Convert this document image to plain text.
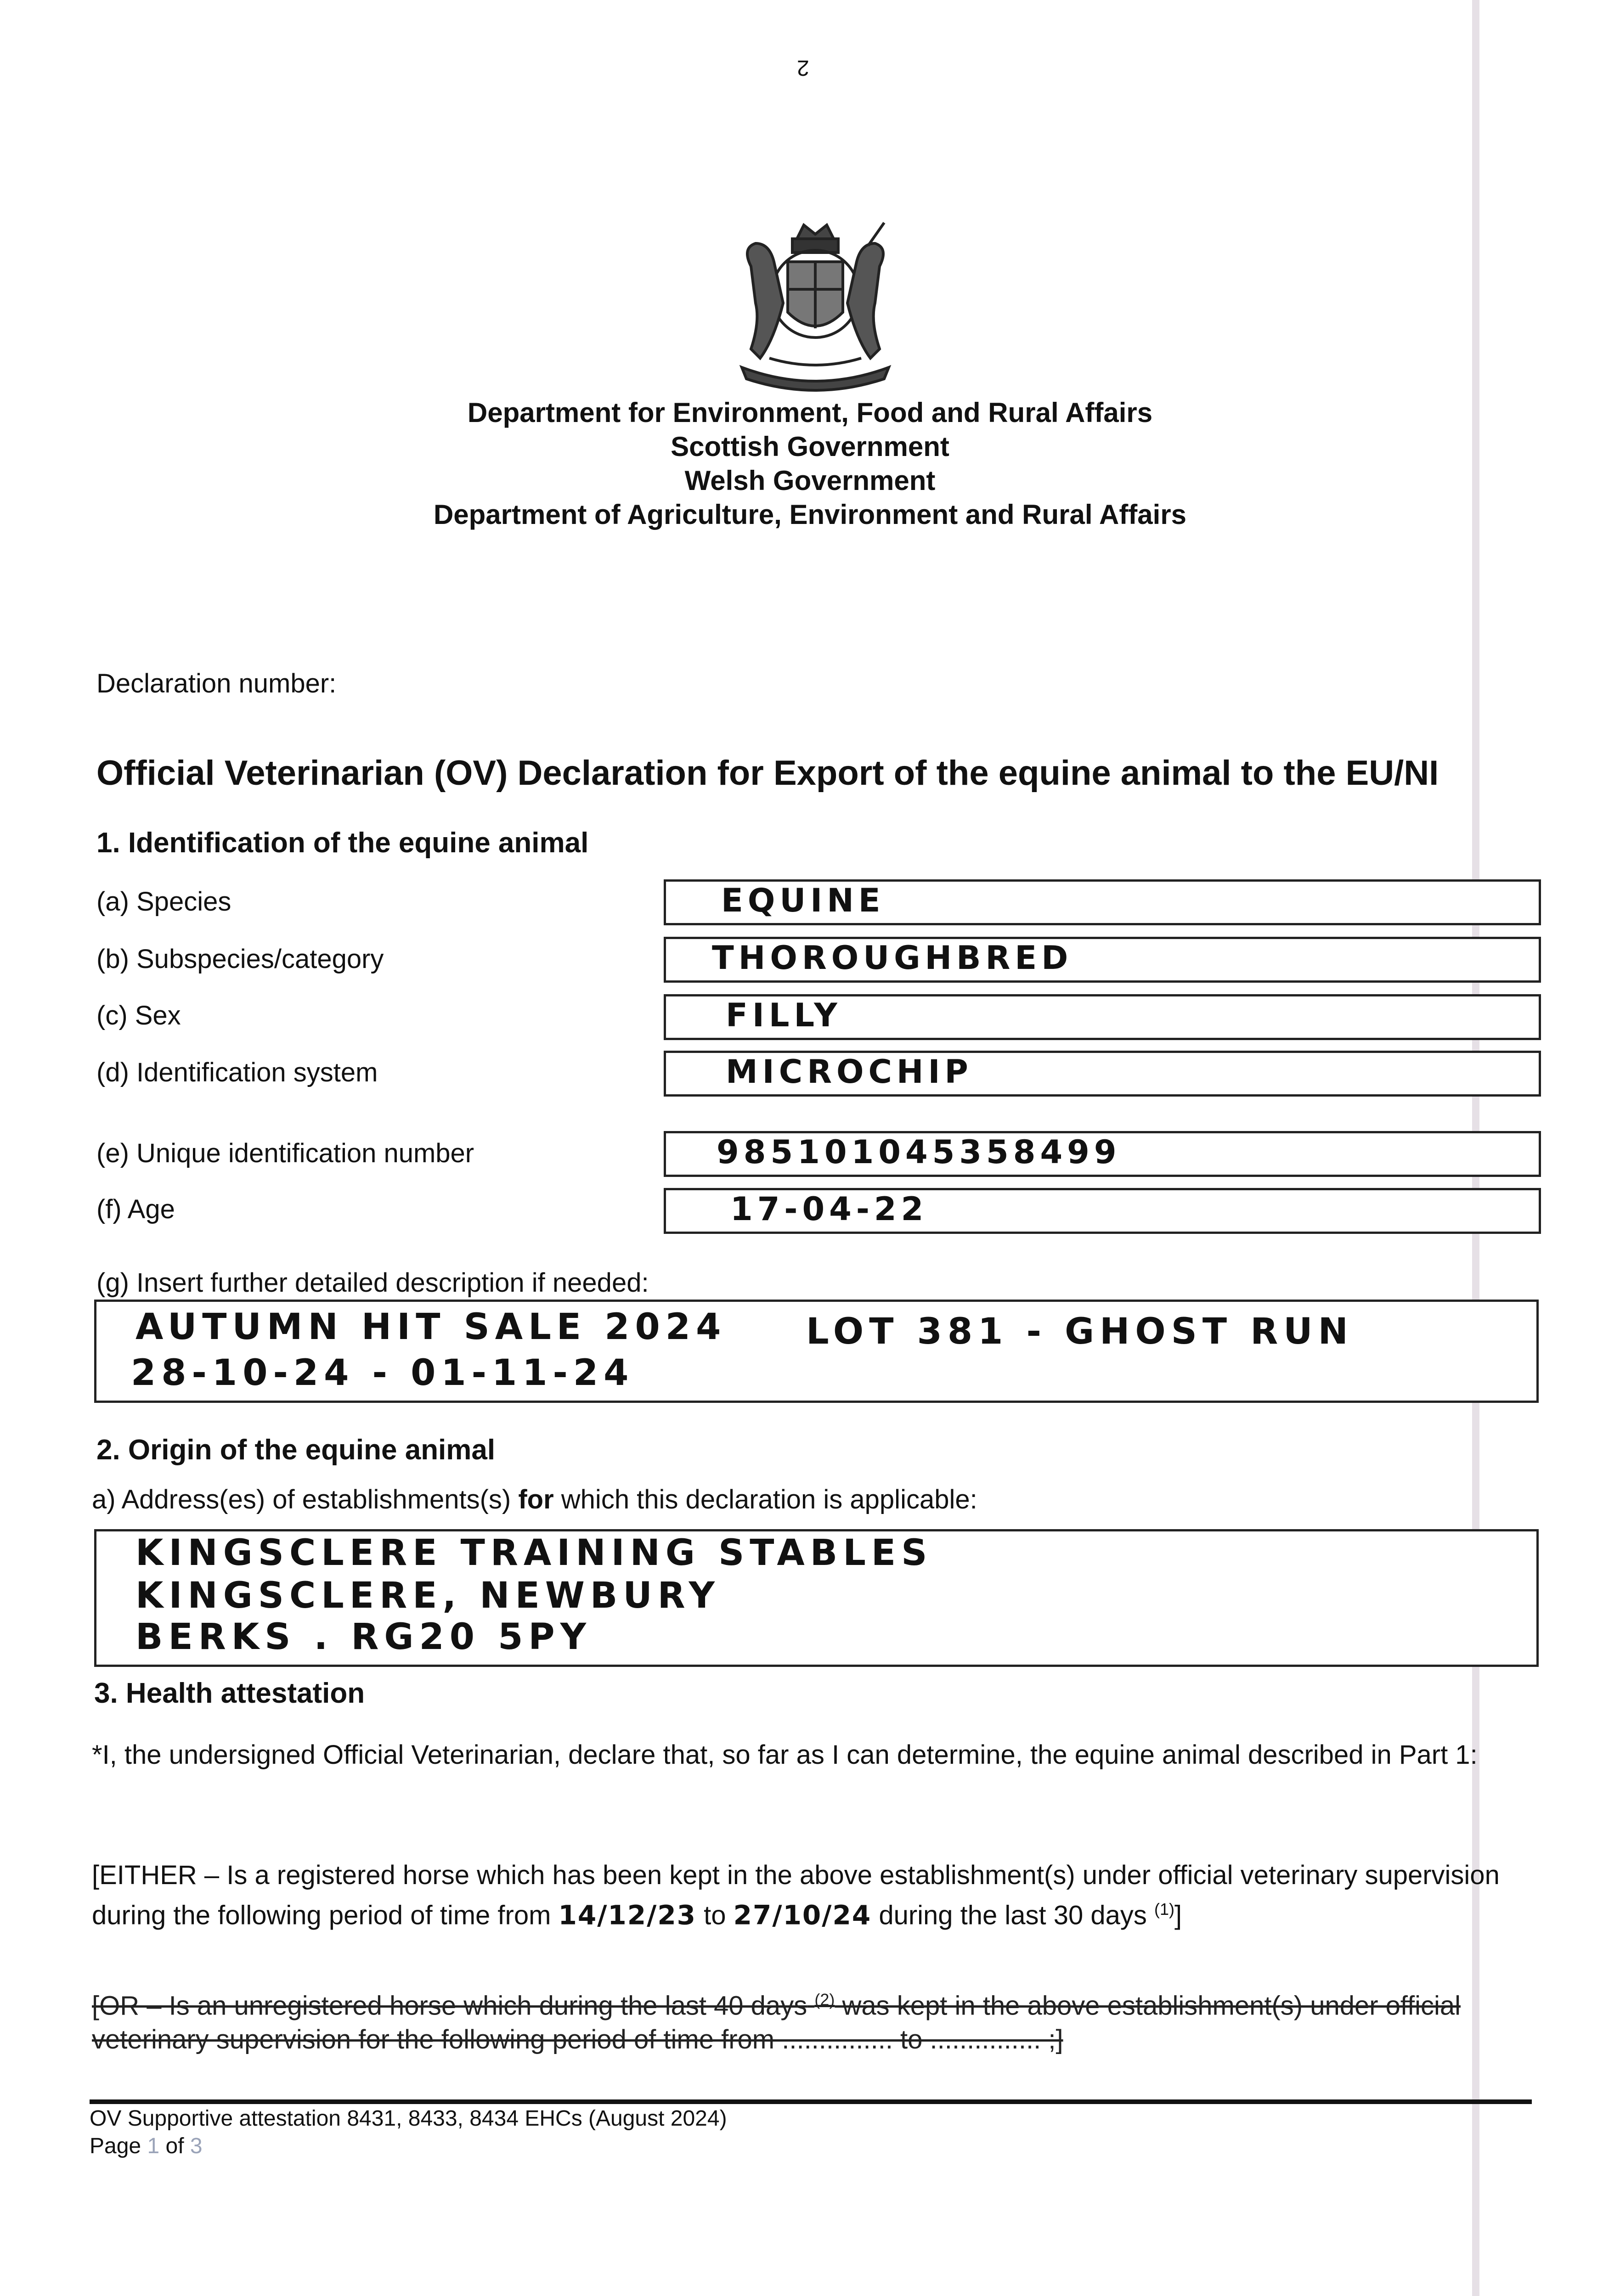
2
Department for Environment, Food and Rural Affairs
Scottish Government
Welsh Government
Department of Agriculture, Environment and Rural Affairs
Declaration number:
Official Veterinarian (OV) Declaration for Export of the equine animal to the EU/NI
1. Identification of the equine animal
(a) Species	EQUINE
(b) Subspecies/category	THOROUGHBRED
(c) Sex	FILLY
(d) Identification system	MICROCHIP
(e) Unique identification number	985101045358499
(f) Age	17-04-22
(g) Insert further detailed description if needed:
AUTUMN HIT SALE 2024 LOT 381 - GHOST RUN
28-10-24 - 01-11-24
2. Origin of the equine animal
a) Address(es) of establishments(s) for which this declaration is applicable:
KINGSCLERE TRAINING STABLES
KINGSCLERE, NEWBURY
BERKS . RG20 5PY
3. Health attestation
*I, the undersigned Official Veterinarian, declare that, so far as I can determine, the equine animal described in Part 1:
[EITHER – Is a registered horse which has been kept in the above establishment(s) under official veterinary supervision during the following period of time from 14/12/23 to 27/10/24 during the last 30 days $^{(1)}$]
[OR – Is an unregistered horse which during the last 40 days $^{(2)}$ was kept in the above establishment(s) under official veterinary supervision for the following period of time from ............... to ............... ;]
OV Supportive attestation 8431, 8433, 8434 EHCs (August 2024)
Page 1 of 3
